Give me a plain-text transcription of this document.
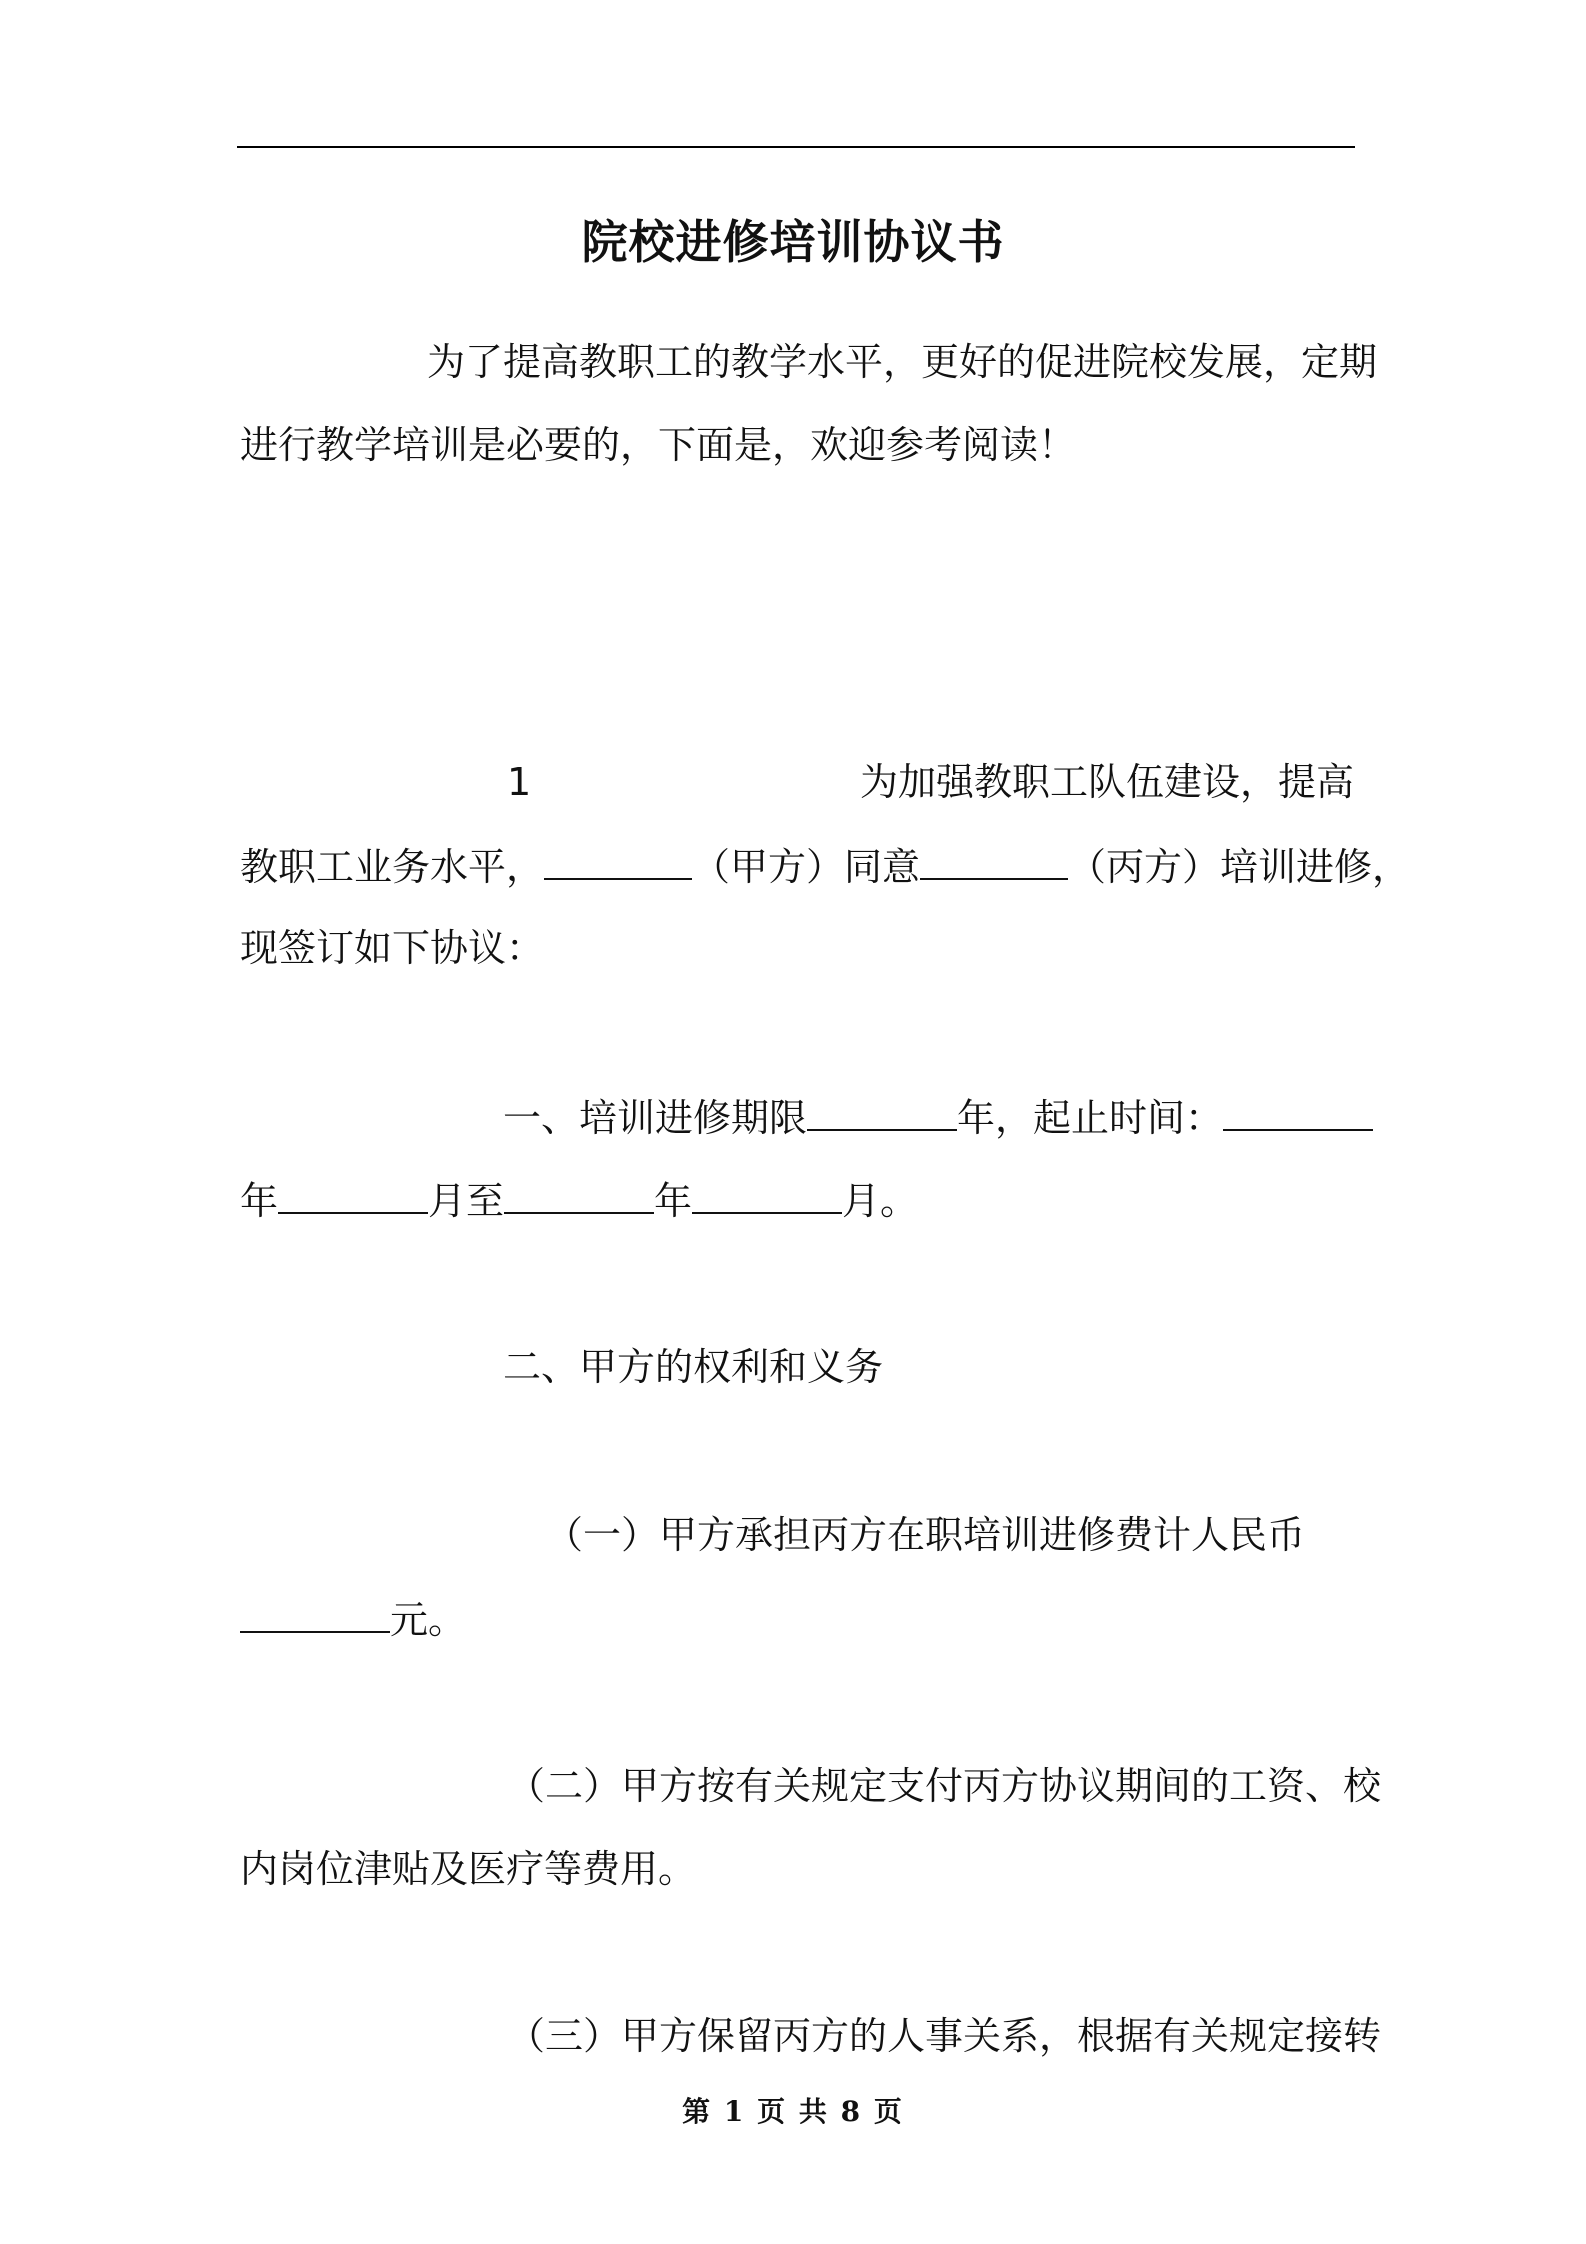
院校进修培训协议书
为了提高教职工的教学水平，更好的促进院校发展，定期
进行教学培训是必要的，下面是，欢迎参考阅读！
1	为加强教职工队伍建设，提高
教职工业务水平，	（甲方）同意	（丙方）培训进修，
现签订如下协议：
一、培训进修期限	年，起止时间：
年	月至	年	月。
二、甲方的权利和义务
（一）甲方承担丙方在职培训进修费计人民币
元。
（二）甲方按有关规定支付丙方协议期间的工资、校
内岗位津贴及医疗等费用。
（三）甲方保留丙方的人事关系，根据有关规定接转
第 1 页 共 8 页
